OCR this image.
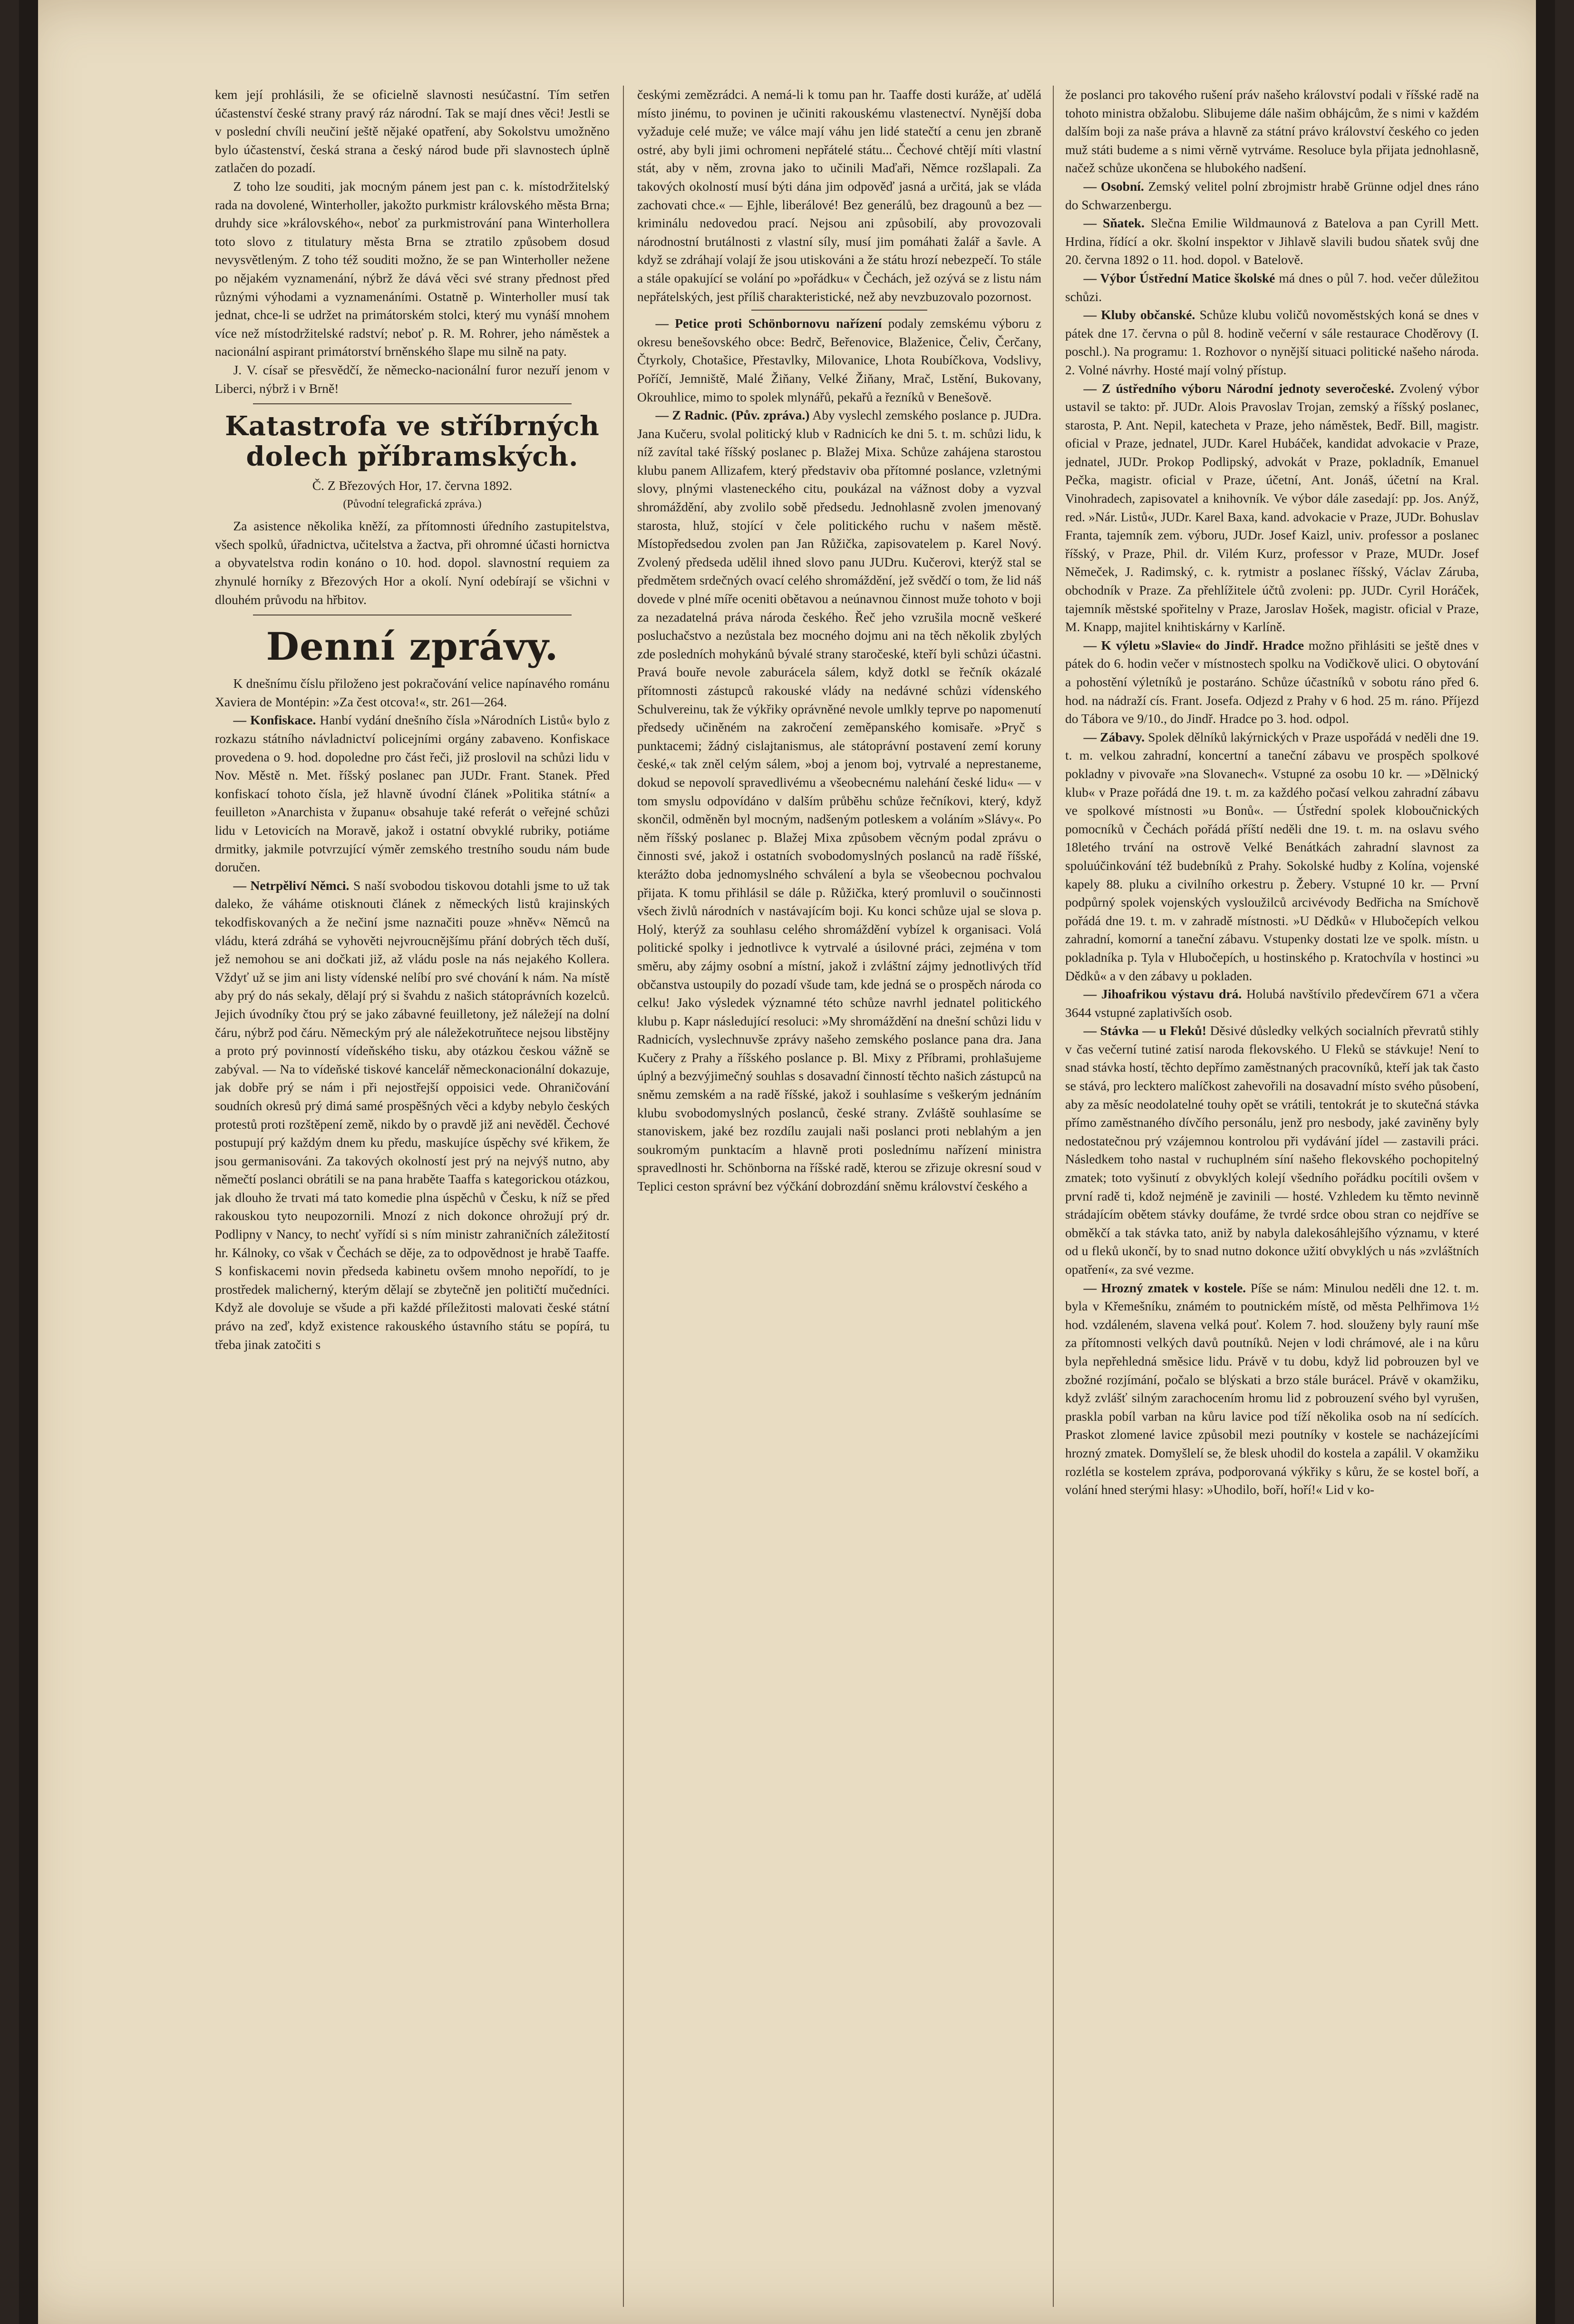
kem její prohlásili, že se oficielně slavnosti nesúčastní. Tím setřen účastenství české strany pravý ráz národní. Tak se mají dnes věci! Jestli se v poslední chvíli neučiní ještě nějaké opatření, aby Sokolstvu umožněno bylo účastenství, česká strana a český národ bude při slavnostech úplně zatlačen do pozadí.

Z toho lze souditi, jak mocným pánem jest pan c. k. místodržitelský rada na dovolené, Winterholler, jakožto purkmistr královského města Brna; druhdy sice »královského«, neboť za purkmistrování pana Winterhollera toto slovo z titulatury města Brna se ztratilo způsobem dosud nevysvětleným. Z toho též souditi možno, že se pan Winterholler nežene po nějakém vyznamenání, nýbrž že dává věci své strany přednost před různými výhodami a vyznamenáními. Ostatně p. Winterholler musí tak jednat, chce-li se udržet na primátorském stolci, který mu vynáší mnohem více než místodržitelské radství; neboť p. R. M. Rohrer, jeho náměstek a nacionální aspirant primátorství brněnského šlape mu silně na paty.

J. V. císař se přesvědčí, že německo-nacionální furor nezuří jenom v Liberci, nýbrž i v Brně!

Katastrofa ve stříbrných dolech příbramských.
Č. Z Březových Hor, 17. června 1892.
(Původní telegrafická zpráva.)

Za asistence několika kněží, za přítomnosti úředního zastupitelstva, všech spolků, úřadnictva, učitelstva a žactva, při ohromné účasti hornictva a obyvatelstva rodin konáno o 10. hod. dopol. slavnostní requiem za zhynulé horníky z Březových Hor a okolí. Nyní odebírají se všichni v dlouhém průvodu na hřbitov.

Denní zprávy.

K dnešnímu číslu přiloženo jest pokračování velice napínavého románu Xaviera de Montépin: »Za čest otcova!«, str. 261—264.

— Konfiskace. Hanbí vydání dnešního čísla »Národních Listů« bylo z rozkazu státního návladnictví policejními orgány zabaveno. Konfiskace provedena o 9. hod. dopoledne pro část řeči, již proslovil na schůzi lidu v Nov. Městě n. Met. říšský poslanec pan JUDr. Frant. Stanek. Před konfiskací tohoto čísla, jež hlavně úvodní článek »Politika státní« a feuilleton »Anarchista v županu« obsahuje také referát o veřejné schůzi lidu v Letovicích na Moravě, jakož i ostatní obvyklé rubriky, potiáme drmitky, jakmile potvrzující výměr zemského trestního soudu nám bude doručen.

— Netrpěliví Němci. S naší svobodou tiskovou dotahli jsme to už tak daleko, že váháme otisknouti článek z německých listů krajinských tekodfiskovaných a že nečiní jsme naznačiti pouze »hněv« Němců na vládu, která zdráhá se vyhověti nejvroucnějšímu přání dobrých těch duší, jež nemohou se ani dočkati již, až vládu posle na nás nejakého Kollera. Vždyť už se jim ani listy vídenské nelíbí pro své chování k nám. Na místě aby prý do nás sekaly, dělají prý si švahdu z našich státoprávních kozelců. Jejich úvodníky čtou prý se jako zábavné feuilletony, jež náležejí na dolní čáru, nýbrž pod čáru. Německým prý ale náležekotruňtece nejsou libstějny a proto prý povinností vídeňského tisku, aby otázkou českou vážně se zabýval. — Na to vídeňské tiskové kancelář německonacionální dokazuje, jak dobře prý se nám i při nejostřejší oppoisici vede. Ohraničování soudních okresů prý dimá samé prospěšných věci a kdyby nebylo českých protestů proti rozštěpení země, nikdo by o pravdě již ani nevěděl. Čechové postupují prý každým dnem ku předu, maskujíce úspěchy své křikem, že jsou germanisováni. Za takových okolností jest prý na nejvýš nutno, aby němečtí poslanci obrátili se na pana hraběte Taaffa s kategorickou otázkou, jak dlouho že trvati má tato komedie plna úspěchů v Česku, k níž se před rakouskou tyto neupozornili. Mnozí z nich dokonce ohrožují prý dr. Podlipny v Nancy, to nechť vyřídí si s ním ministr zahraničních záležitostí hr. Kálnoky, co však v Čechách se děje, za to odpovědnost je hrabě Taaffe. S konfiskacemi novin předseda kabinetu ovšem mnoho nepořídí, to je prostředek malicherný, kterým dělají se zbytečně jen političtí mučedníci. Když ale dovoluje se všude a při každé příležitosti malovati české státní právo na zeď, když existence rakouského ústavního státu se popírá, tu třeba jinak zatočiti s

českými zemězrádci. A nemá-li k tomu pan hr. Taaffe dosti kuráže, ať udělá místo jinému, to povinen je učiniti rakouskému vlastenectví. Nynější doba vyžaduje celé muže; ve válce mají váhu jen lidé statečtí a cenu jen zbraně ostré, aby byli jimi ochromeni nepřátelé státu... Čechové chtějí míti vlastní stát, aby v něm, zrovna jako to učinili Maďaři, Němce rozšlapali. Za takových okolností musí býti dána jim odpověď jasná a určitá, jak se vláda zachovati chce.« — Ejhle, liberálové! Bez generálů, bez dragounů a bez — kriminálu nedovedou prací. Nejsou ani způsobilí, aby provozovali národnostní brutálnosti z vlastní síly, musí jim pomáhati žalář a šavle. A když se zdráhají volají že jsou utiskováni a že státu hrozí nebezpečí. To stále a stále opakující se volání po »pořádku« v Čechách, jež ozývá se z listu nám nepřátelských, jest příliš charakteristické, než aby nevzbuzovalo pozornost.

— Petice proti Schönbornovu nařízení podaly zemskému výboru z okresu benešovského obce: Bedrč, Beřenovice, Blaženice, Čeliv, Čerčany, Čtyrkoly, Chotašice, Přestavlky, Milovanice, Lhota Roubíčkova, Vodslivy, Poříčí, Jemniště, Malé Žiňany, Velké Žiňany, Mrač, Lstění, Bukovany, Okrouhlice, mimo to spolek mlynářů, pekařů a řezníků v Benešově.

— Z Radnic. (Pův. zpráva.) Aby vyslechl zemského poslance p. JUDra. Jana Kučeru, svolal politický klub v Radnicích ke dni 5. t. m. schůzi lidu, k níž zavítal také říšský poslanec p. Blažej Mixa. Schůze zahájena starostou klubu panem Allizafem, který představiv oba přítomné poslance, vzletnými slovy, plnými vlasteneckého citu, poukázal na vážnost doby a vyzval shromáždění, aby zvolilo sobě předsedu. Jednohlasně zvolen jmenovaný starosta, hluž, stojící v čele politického ruchu v našem městě. Místopředsedou zvolen pan Jan Růžička, zapisovatelem p. Karel Nový. Zvolený předseda udělil ihned slovo panu JUDru. Kučerovi, kterýž stal se předmětem srdečných ovací celého shromáždění, jež svědčí o tom, že lid náš dovede v plné míře oceniti obětavou a neúnavnou činnost muže tohoto v boji za nezadatelná práva národa českého. Řeč jeho vzrušila mocně veškeré posluchačstvo a nezůstala bez mocného dojmu ani na těch několik zbylých zde posledních mohykánů bývalé strany staročeské, kteří byli schůzi účastni. Pravá bouře nevole zaburácela sálem, když dotkl se řečník okázalé přítomnosti zástupců rakouské vlády na nedávné schůzi vídenského Schulvereinu, tak že výkřiky oprávněné nevole umlkly teprve po napomenutí předsedy učiněném na zakročení zeměpanského komisaře. »Pryč s punktacemi; žádný cislajtanismus, ale státoprávní postavení zemí koruny české,« tak zněl celým sálem, »boj a jenom boj, vytrvalé a neprestaneme, dokud se nepovolí spravedlivému a všeobecnému nalehání české lidu« — v tom smyslu odpovídáno v dalším průběhu schůze řečníkovi, který, když skončil, odměněn byl mocným, nadšeným potleskem a voláním »Slávy«. Po něm říšský poslanec p. Blažej Mixa způsobem věcným podal zprávu o činnosti své, jakož i ostatních svobodomyslných poslanců na radě říšské, kterážto doba jednomyslného schválení a byla se všeobecnou pochvalou přijata. K tomu přihlásil se dále p. Růžička, který promluvil o součinnosti všech živlů národních v nastávajícím boji. Ku konci schůze ujal se slova p. Holý, kterýž za souhlasu celého shromáždění vybízel k organisaci. Volá politické spolky i jednotlivce k vytrvalé a úsilovné práci, zejména v tom směru, aby zájmy osobní a místní, jakož i zvláštní zájmy jednotlivých tříd občanstva ustoupily do pozadí všude tam, kde jedná se o prospěch národa co celku! Jako výsledek významné této schůze navrhl jednatel politického klubu p. Kapr následující resoluci: »My shromáždění na dnešní schůzi lidu v Radnicích, vyslechnuvše zprávy našeho zemského poslance pana dra. Jana Kučery z Prahy a říšského poslance p. Bl. Mixy z Příbrami, prohlašujeme úplný a bezvýjimečný souhlas s dosavadní činností těchto našich zástupců na sněmu zemském a na radě říšské, jakož i souhlasíme s veškerým jednáním klubu svobodomyslných poslanců, české strany. Zvláště souhlasíme se stanoviskem, jaké bez rozdílu zaujali naši poslanci proti neblahým a jen soukromým punktacím a hlavně proti poslednímu nařízení ministra spravedlnosti hr. Schönborna na říšské radě, kterou se zřizuje okresní soud v Teplici ceston správní bez výčkání dobrozdání sněmu království českého a

že poslanci pro takového rušení práv našeho království podali v říšské radě na tohoto ministra obžalobu. Slibujeme dále našim obhájcům, že s nimi v každém dalším boji za naše práva a hlavně za státní právo království českého co jeden muž státi budeme a s nimi věrně vytrváme. Resoluce byla přijata jednohlasně, načež schůze ukončena se hlubokého nadšení.

— Osobní. Zemský velitel polní zbrojmistr hrabě Grünne odjel dnes ráno do Schwarzenbergu.

— Sňatek. Slečna Emilie Wildmaunová z Batelova a pan Cyrill Mett. Hrdina, řídící a okr. školní inspektor v Jihlavě slavili budou sňatek svůj dne 20. června 1892 o 11. hod. dopol. v Batelově.

— Výbor Ústřední Matice školské má dnes o půl 7. hod. večer důležitou schůzi.

— Kluby občanské. Schůze klubu voličů novoměstských koná se dnes v pátek dne 17. června o půl 8. hodině večerní v sále restaurace Choděrovy (I. poschl.). Na programu: 1. Rozhovor o nynější situaci politické našeho národa. 2. Volné návrhy. Hosté mají volný přístup.

— Z ústředního výboru Národní jednoty severočeské. Zvolený výbor ustavil se takto: př. JUDr. Alois Pravoslav Trojan, zemský a říšský poslanec, starosta, P. Ant. Nepil, katecheta v Praze, jeho náměstek, Bedř. Bill, magistr. oficial v Praze, jednatel, JUDr. Karel Hubáček, kandidat advokacie v Praze, jednatel, JUDr. Prokop Podlipský, advokát v Praze, pokladník, Emanuel Pečka, magistr. oficial v Praze, účetní, Ant. Jonáš, účetní na Kral. Vinohradech, zapisovatel a knihovník. Ve výbor dále zasedají: pp. Jos. Anýž, red. »Nár. Listů«, JUDr. Karel Baxa, kand. advokacie v Praze, JUDr. Bohuslav Franta, tajemník zem. výboru, JUDr. Josef Kaizl, univ. professor a poslanec říšský, v Praze, Phil. dr. Vilém Kurz, professor v Praze, MUDr. Josef Němeček, J. Radimský, c. k. rytmistr a poslanec říšský, Václav Záruba, obchodník v Praze. Za přehlížitele účtů zvoleni: pp. JUDr. Cyril Horáček, tajemník městské spořitelny v Praze, Jaroslav Hošek, magistr. oficial v Praze, M. Knapp, majitel knihtiskárny v Karlíně.

— K výletu »Slavie« do Jindř. Hradce možno přihlásiti se ještě dnes v pátek do 6. hodin večer v místnostech spolku na Vodičkově ulici. O obytování a pohostění výletníků je postaráno. Schůze účastníků v sobotu ráno před 6. hod. na nádraží cís. Frant. Josefa. Odjezd z Prahy v 6 hod. 25 m. ráno. Příjezd do Tábora ve 9/10., do Jindř. Hradce po 3. hod. odpol.

— Zábavy. Spolek dělníků lakýrnických v Praze uspořádá v neděli dne 19. t. m. velkou zahradní, koncertní a taneční zábavu ve prospěch spolkové pokladny v pivovaře »na Slovanech«. Vstupné za osobu 10 kr. — »Dělnický klub« v Praze pořádá dne 19. t. m. za každého počasí velkou zahradní zábavu ve spolkové místnosti »u Bonů«. — Ústřední spolek kloboučnických pomocníků v Čechách pořádá příští neděli dne 19. t. m. na oslavu svého 18letého trvání na ostrově Velké Benátkách zahradní slavnost za spoluúčinkování též budebníků z Prahy. Sokolské hudby z Kolína, vojenské kapely 88. pluku a civilního orkestru p. Žebery. Vstupné 10 kr. — První podpůrný spolek vojenských vysloužilců arcivévody Bedřicha na Smíchově pořádá dne 19. t. m. v zahradě místnosti. »U Dědků« v Hlubočepích velkou zahradní, komorní a taneční zábavu. Vstupenky dostati lze ve spolk. místn. u pokladníka p. Tyla v Hlubočepích, u hostinského p. Kratochvíla v hostinci »u Dědků« a v den zábavy u pokladen.

— Jihoafrikou výstavu drá. Holubá navštívilo předevčírem 671 a včera 3644 vstupné zaplativších osob.

— Stávka — u Fleků! Děsivé důsledky velkých socialních převratů stihly v čas večerní tutiné zatisí naroda flekovského. U Fleků se stávkuje! Není to snad stávka hostí, těchto depřímo zaměstnaných pracovníků, kteří jak tak často se stává, pro lecktero malíčkost zahevořili na dosavadní místo svého působení, aby za měsíc neodolatelné touhy opět se vrátili, tentokrát je to skutečná stávka přímo zaměstnaného dívčího personálu, jenž pro nesbody, jaké zaviněny byly nedostatečnou prý vzájemnou kontrolou při vydávání jídel — zastavili práci. Následkem toho nastal v ruchuplném síní našeho flekovského pochopitelný zmatek; toto vyšinutí z obvyklých kolejí všedního pořádku pocítili ovšem v první radě ti, kdož nejméně je zavinili — hosté. Vzhledem ku těmto nevinně strádajícím obětem stávky doufáme, že tvrdé srdce obou stran co nejdříve se obměkčí a tak stávka tato, aniž by nabyla dalekosáhlejšího významu, v které od u fleků ukončí, by to snad nutno dokonce užití obvyklých u nás »zvláštních opatření«, za své vezme.

— Hrozný zmatek v kostele. Píše se nám: Minulou neděli dne 12. t. m. byla v Křemešníku, známém to poutnickém místě, od města Pelhřimova 1½ hod. vzdáleném, slavena velká pouť. Kolem 7. hod. slouženy byly rauní mše za přítomnosti velkých davů poutníků. Nejen v lodi chrámové, ale i na kůru byla nepřehledná směsice lidu. Právě v tu dobu, když lid pobrouzen byl ve zbožné rozjímání, počalo se blýskati a brzo stále burácel. Právě v okamžiku, když zvlášť silným zarachocením hromu lid z pobrouzení svého byl vyrušen, praskla pobíl varban na kůru lavice pod tíží několika osob na ní sedících. Praskot zlomené lavice způsobil mezi poutníky v kostele se nacházejícími hrozný zmatek. Domyšlelí se, že blesk uhodil do kostela a zapálil. V okamžiku rozlétla se kostelem zpráva, podporovaná výkřiky s kůru, že se kostel boří, a volání hned sterými hlasy: »Uhodilo, boří, hoří!« Lid v ko-
